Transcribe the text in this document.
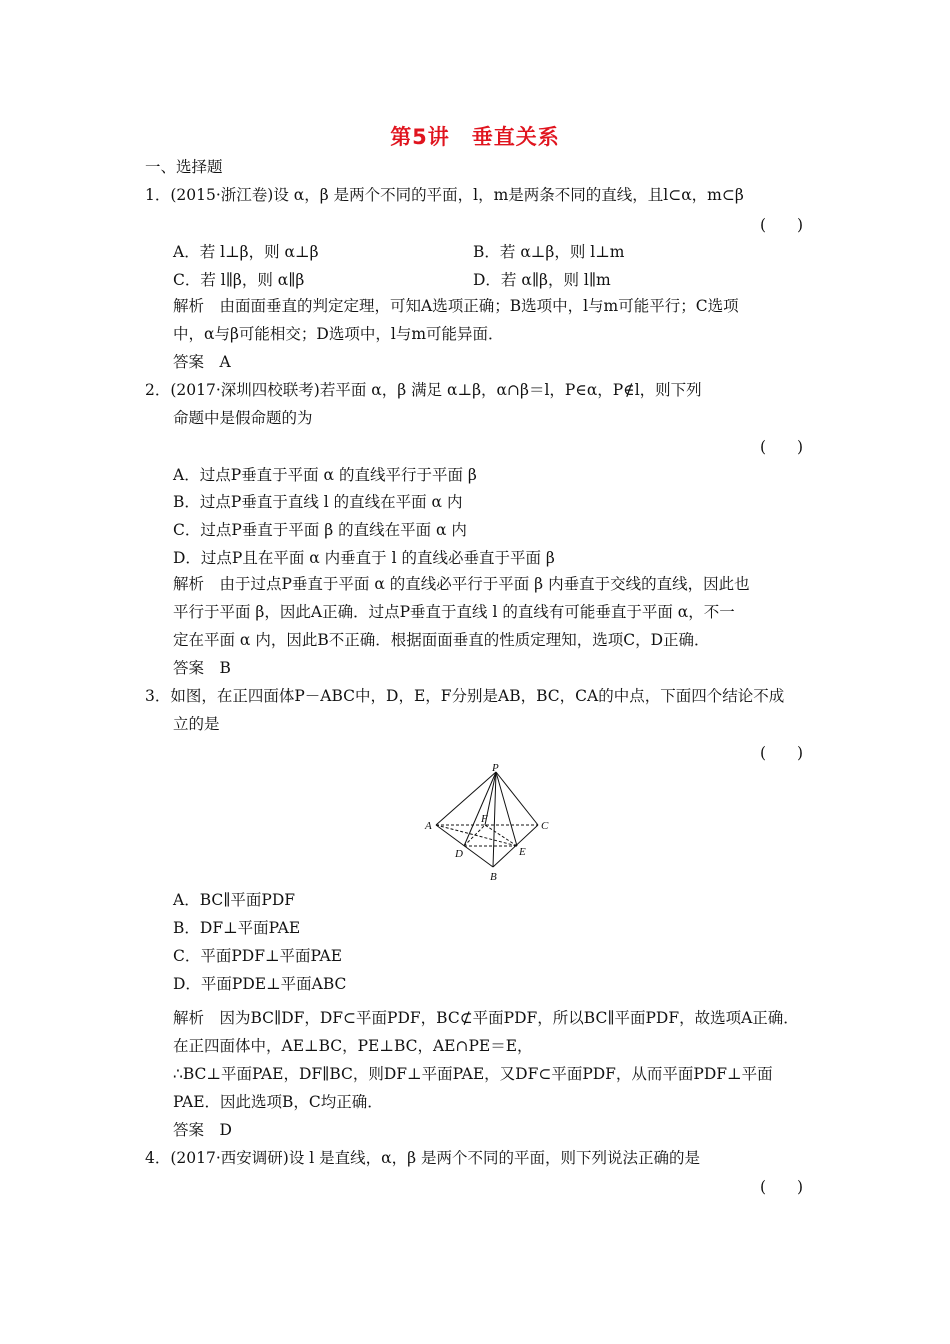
第5讲　垂直关系
一、选择题
1．(2015·浙江卷)设 α，β 是两个不同的平面，l，m是两条不同的直线，且l⊂α，m⊂β
(　　)
A．若 l⊥β，则 α⊥β	B．若 α⊥β，则 l⊥m
C．若 l∥β，则 α∥β	D．若 α∥β，则 l∥m
解析　由面面垂直的判定定理，可知A选项正确；B选项中，l与m可能平行；C选项
中，α与β可能相交；D选项中，l与m可能异面．
答案　A
2．(2017·深圳四校联考)若平面 α，β 满足 α⊥β，α∩β＝l，P∈α，P∉l，则下列
命题中是假命题的为
(　　)
A．过点P垂直于平面 α 的直线平行于平面 β
B．过点P垂直于直线 l 的直线在平面 α 内
C．过点P垂直于平面 β 的直线在平面 α 内
D．过点P且在平面 α 内垂直于 l 的直线必垂直于平面 β
解析　由于过点P垂直于平面 α 的直线必平行于平面 β 内垂直于交线的直线，因此也
平行于平面 β，因此A正确．过点P垂直于直线 l 的直线有可能垂直于平面 α，不一
定在平面 α 内，因此B不正确．根据面面垂直的性质定理知，选项C，D正确．
答案　B
3．如图，在正四面体P－ABC中，D，E，F分别是AB，BC，CA的中点，下面四个结论不成
立的是
(　　)
P
A	C
B
D	E
F
A．BC∥平面PDF
B．DF⊥平面PAE
C．平面PDF⊥平面PAE
D．平面PDE⊥平面ABC
解析　因为BC∥DF，DF⊂平面PDF，BC⊄平面PDF，所以BC∥平面PDF，故选项A正确．
在正四面体中，AE⊥BC，PE⊥BC，AE∩PE＝E，
∴BC⊥平面PAE，DF∥BC，则DF⊥平面PAE，又DF⊂平面PDF，从而平面PDF⊥平面
PAE．因此选项B，C均正确．
答案　D
4．(2017·西安调研)设 l 是直线，α，β 是两个不同的平面，则下列说法正确的是
(　　)
